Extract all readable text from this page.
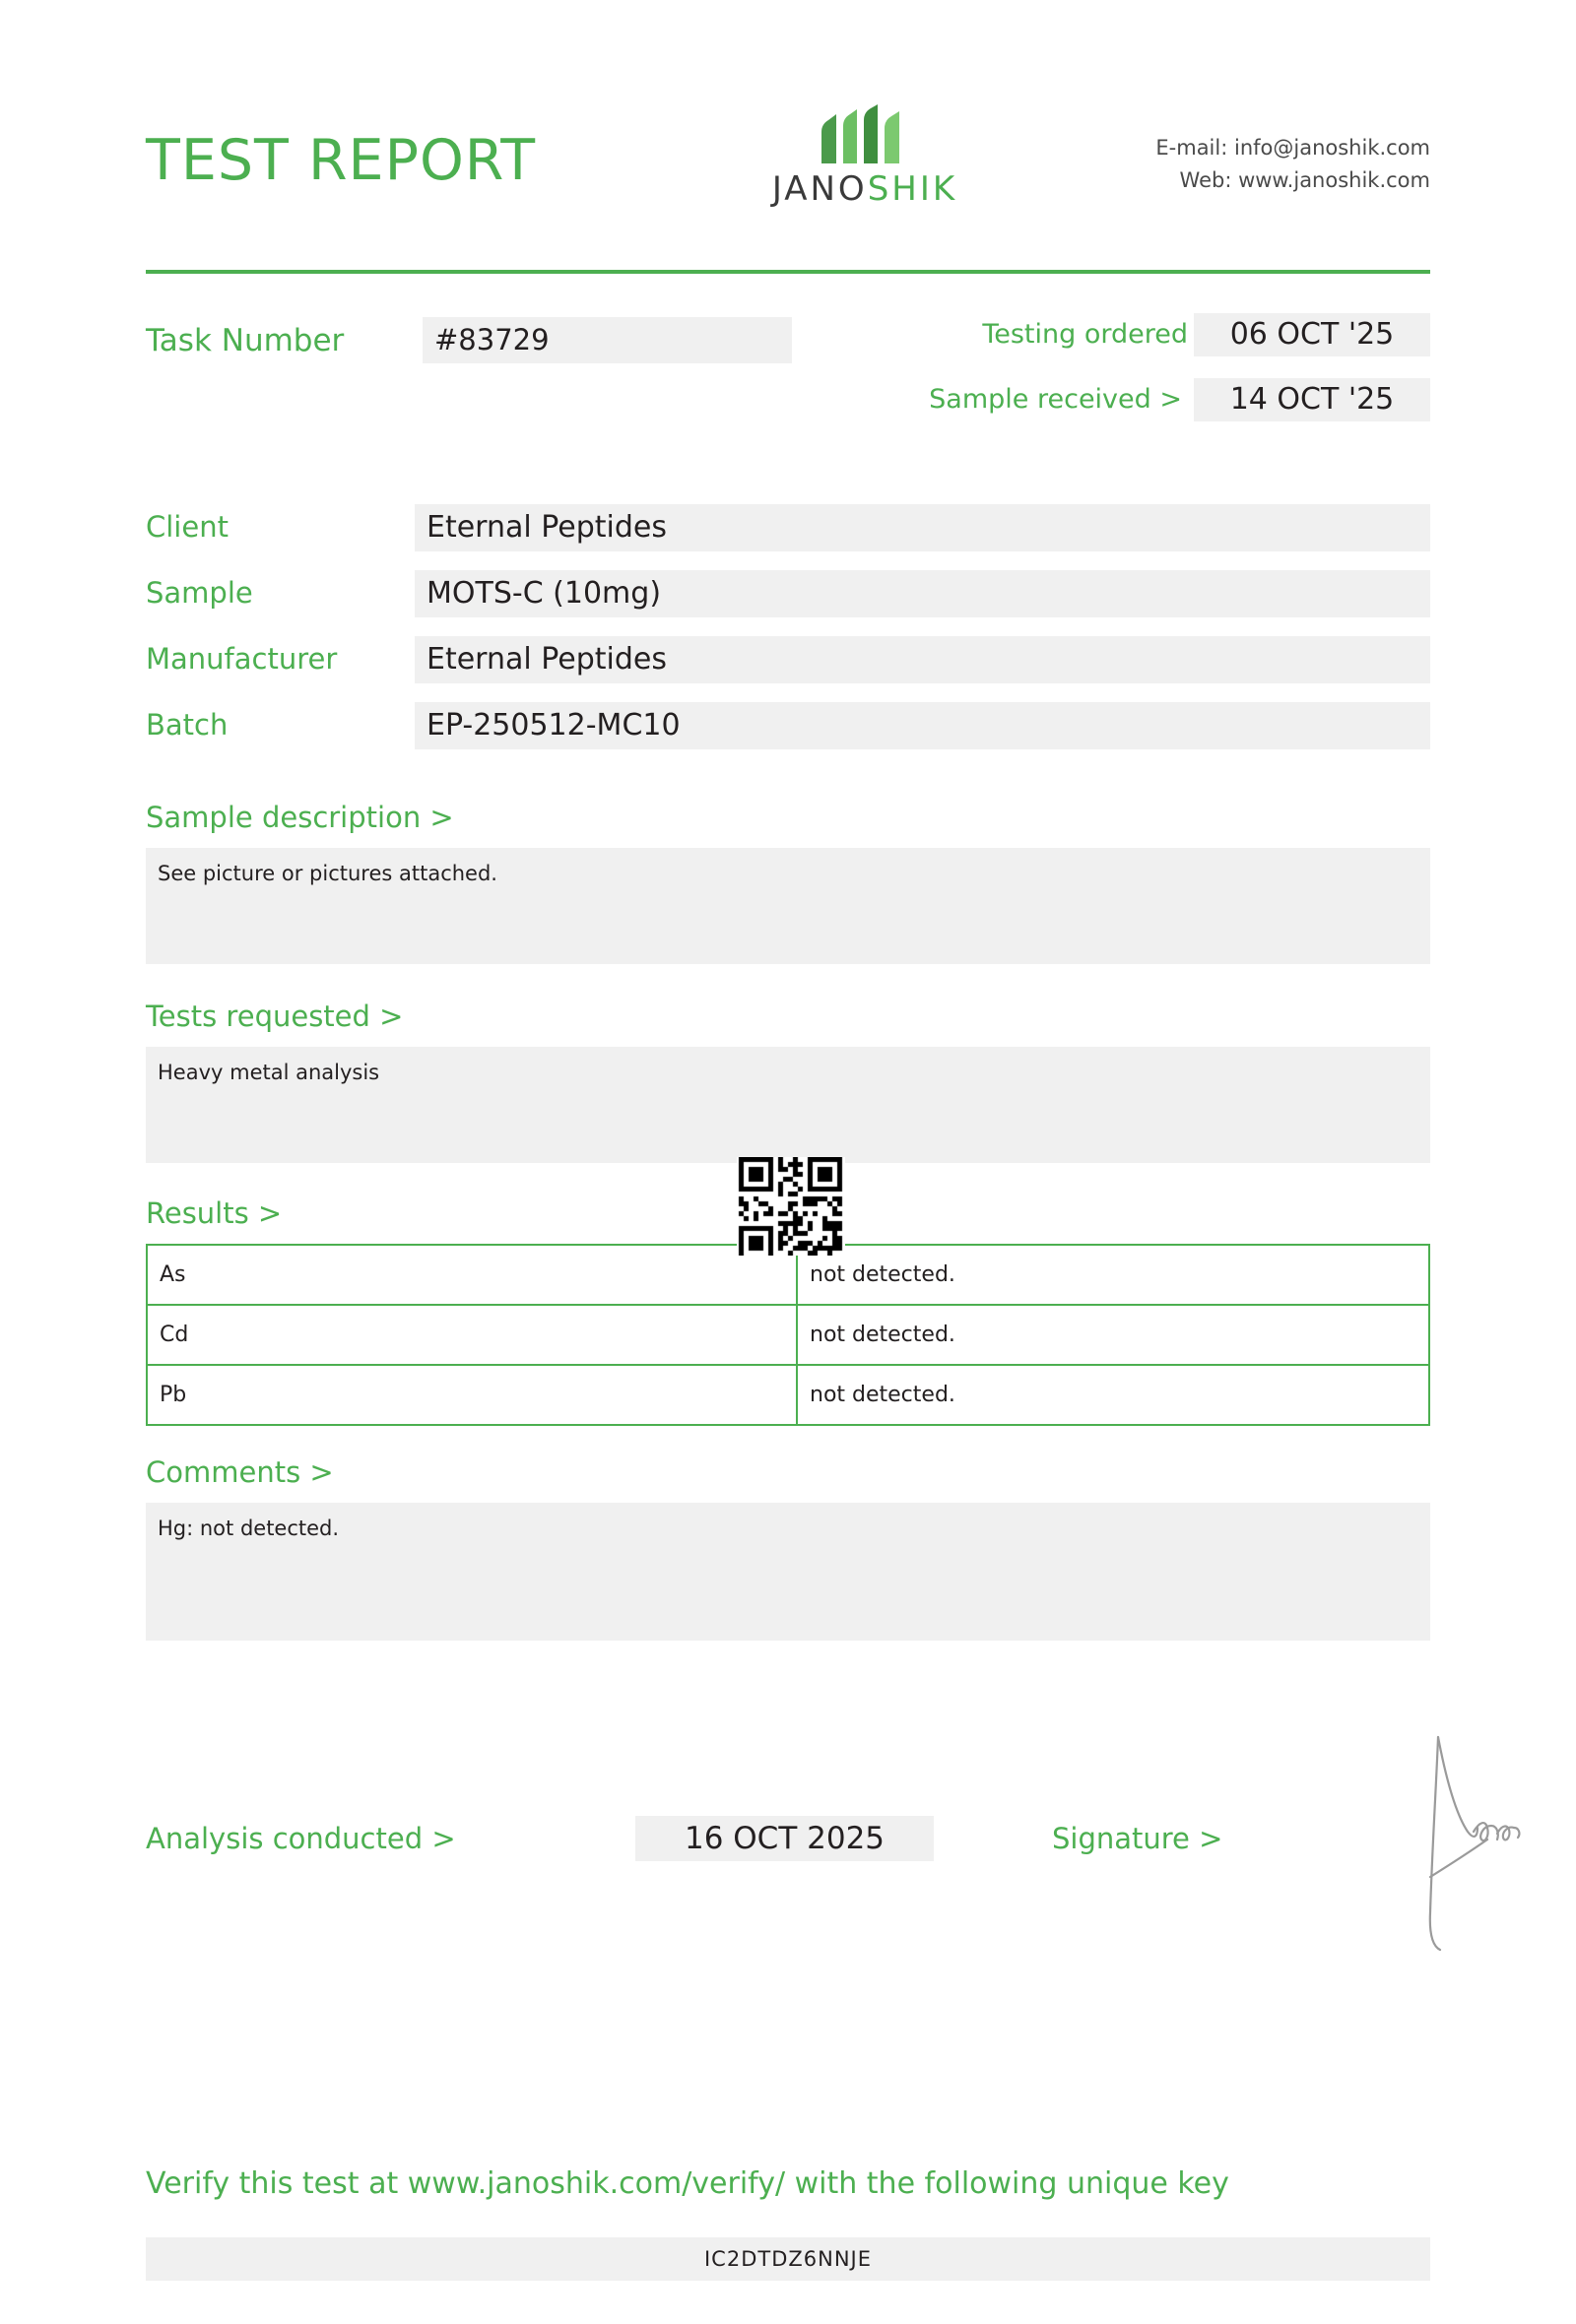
TEST REPORT	JANOSHIK
E-mail: info@janoshik.com
Web: www.janoshik.com
Task Number	#83729	Testing ordered	06 OCT '25
Sample received >	14 OCT '25
Client	Eternal Peptides
Sample	MOTS-C (10mg)
Manufacturer	Eternal Peptides
Batch	EP-250512-MC10
Sample description >
See picture or pictures attached.
Tests requested >
Heavy metal analysis
Results >
As	not detected.
Cd	not detected.
Pb	not detected.
Comments >
Hg: not detected.
Analysis conducted >	16 OCT 2025	Signature >
Verify this test at www.janoshik.com/verify/ with the following unique key
IC2DTDZ6NNJE
